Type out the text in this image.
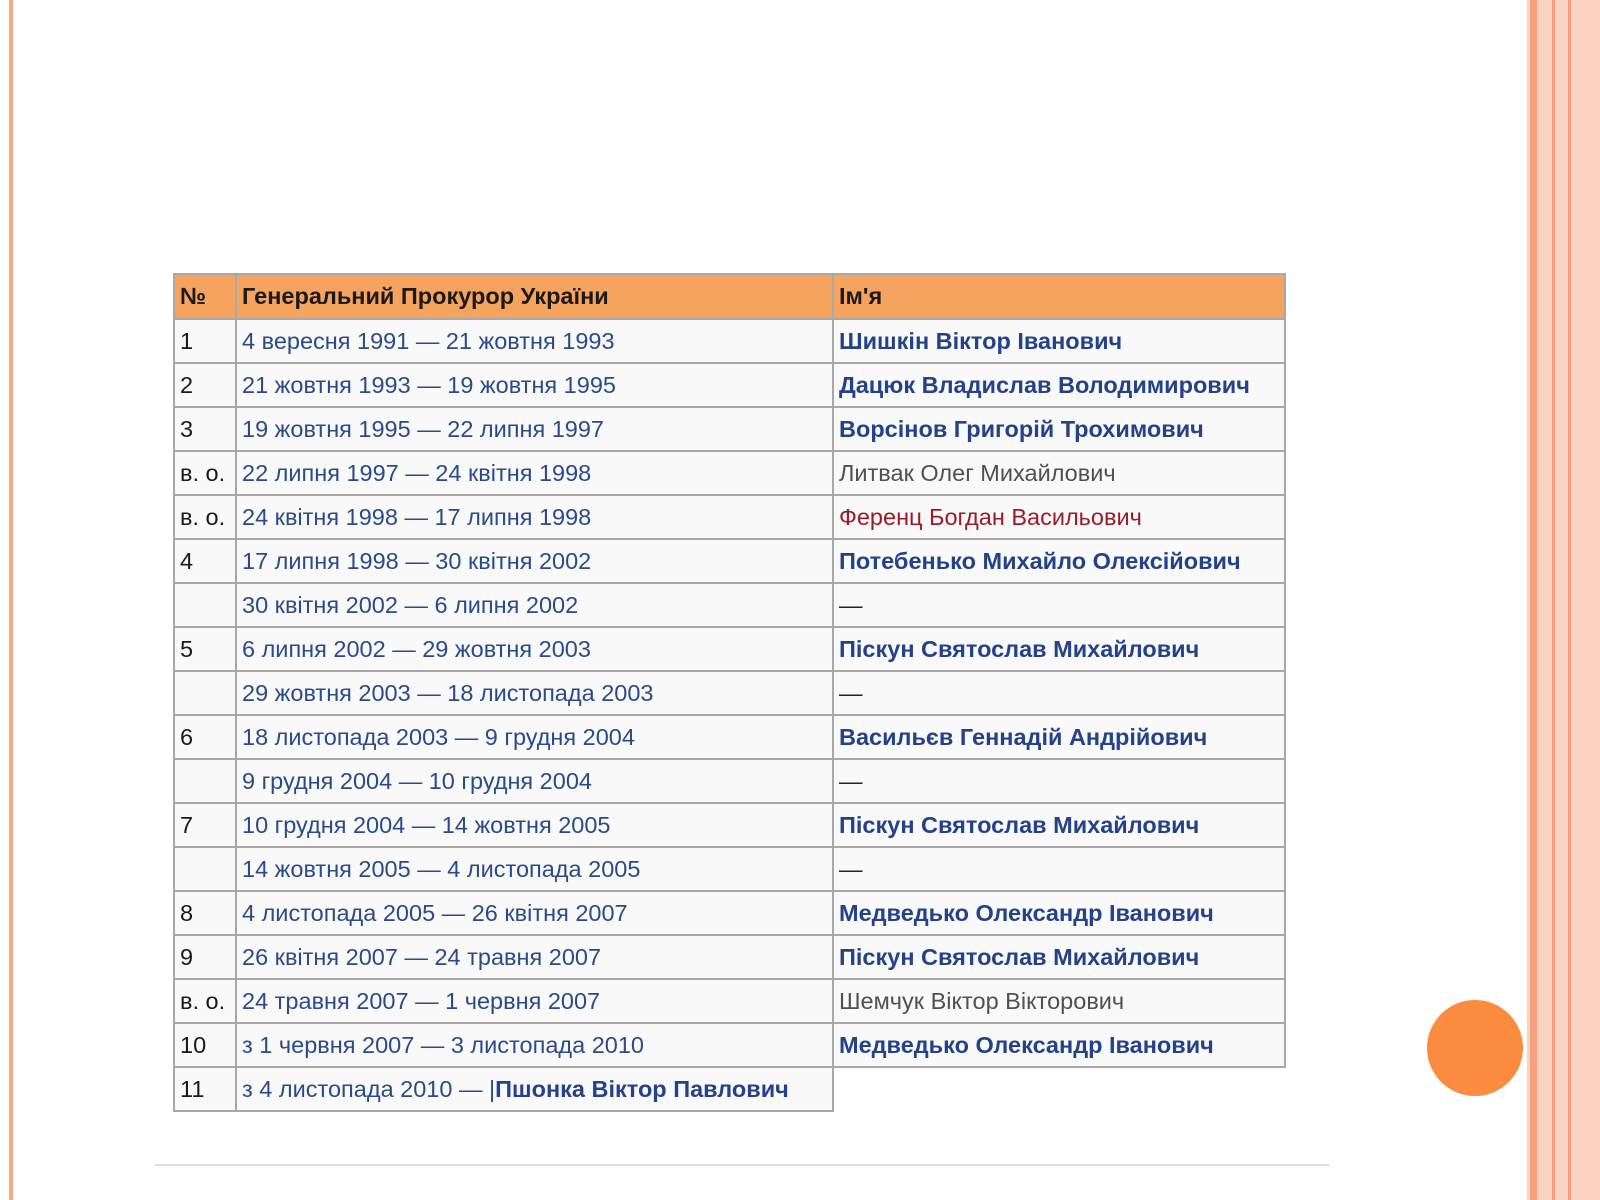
№	Генеральний Прокурор України	Ім'я
1	4 вересня 1991 — 21 жовтня 1993	Шишкін Віктор Іванович
2	21 жовтня 1993 — 19 жовтня 1995	Дацюк Владислав Володимирович
3	19 жовтня 1995 — 22 липня 1997	Ворсінов Григорій Трохимович
в. о.	22 липня 1997 — 24 квітня 1998	Литвак Олег Михайлович
в. о.	24 квітня 1998 — 17 липня 1998	Ференц Богдан Васильович
4	17 липня 1998 — 30 квітня 2002	Потебенько Михайло Олексійович
	30 квітня 2002 — 6 липня 2002	—
5	6 липня 2002 — 29 жовтня 2003	Піскун Святослав Михайлович
	29 жовтня 2003 — 18 листопада 2003	—
6	18 листопада 2003 — 9 грудня 2004	Васильєв Геннадій Андрійович
	9 грудня 2004 — 10 грудня 2004	—
7	10 грудня 2004 — 14 жовтня 2005	Піскун Святослав Михайлович
	14 жовтня 2005 — 4 листопада 2005	—
8	4 листопада 2005 — 26 квітня 2007	Медведько Олександр Іванович
9	26 квітня 2007 — 24 травня 2007	Піскун Святослав Михайлович
в. о.	24 травня 2007 — 1 червня 2007	Шемчук Віктор Вікторович
10	з 1 червня 2007 — 3 листопада 2010	Медведько Олександр Іванович
11	з 4 листопада 2010 — |Пшонка Віктор Павлович	
